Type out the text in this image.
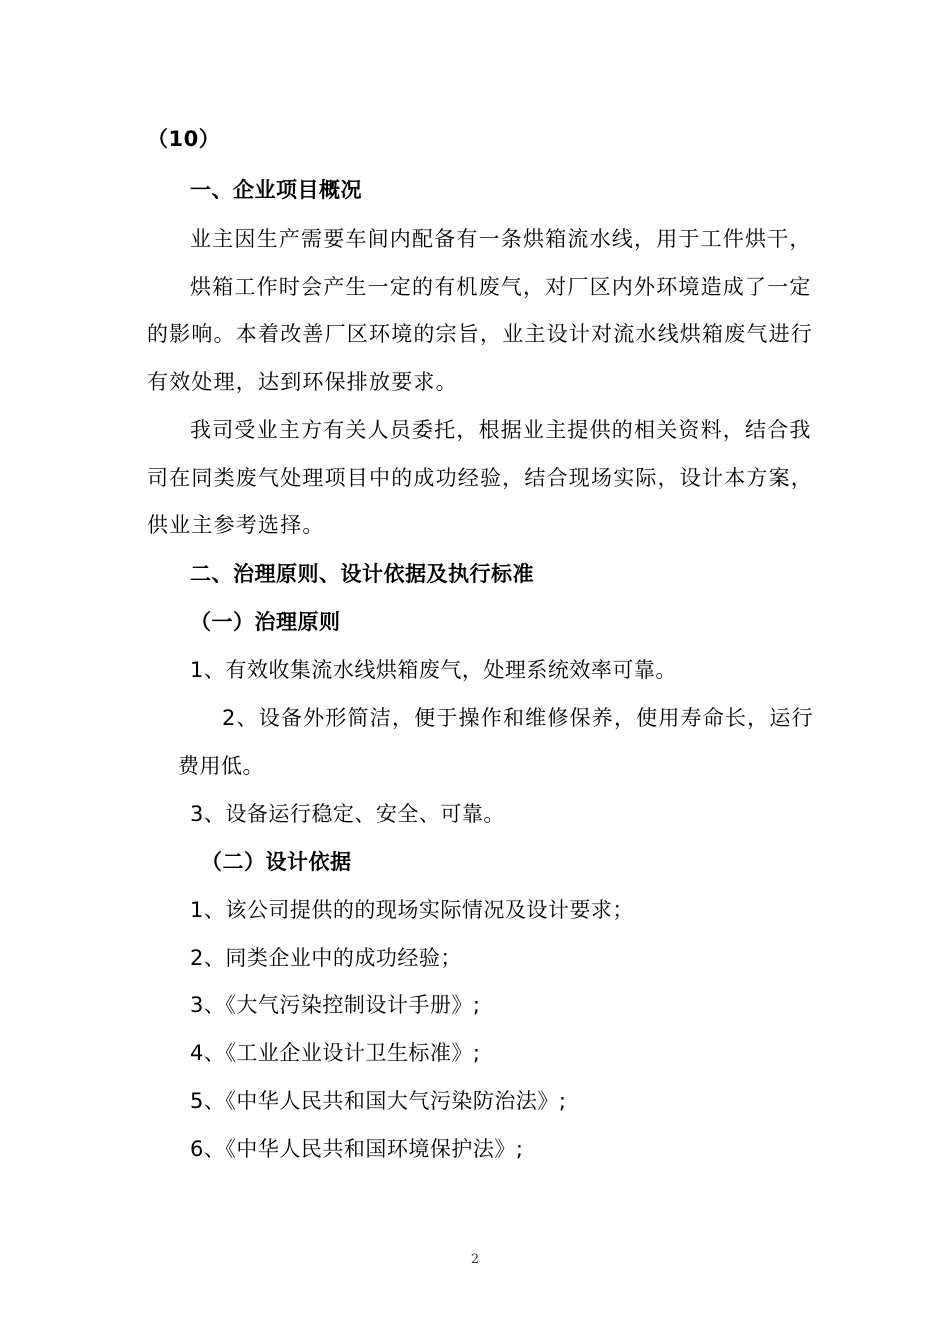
（10）
一、企业项目概况
业主因生产需要车间内配备有一条烘箱流水线，用于工件烘干，
烘箱工作时会产生一定的有机废气，对厂区内外环境造成了一定
的影响。本着改善厂区环境的宗旨，业主设计对流水线烘箱废气进行
有效处理，达到环保排放要求。
我司受业主方有关人员委托，根据业主提供的相关资料，结合我
司在同类废气处理项目中的成功经验，结合现场实际，设计本方案，
供业主参考选择。
二、治理原则、设计依据及执行标准
（一）治理原则
1、有效收集流水线烘箱废气，处理系统效率可靠。
2、设备外形简洁，便于操作和维修保养，使用寿命长，运行
费用低。
3、设备运行稳定、安全、可靠。
（二）设计依据
1、该公司提供的的现场实际情况及设计要求；
2、同类企业中的成功经验；
3、《大气污染控制设计手册》;
4、《工业企业设计卫生标准》;
5、《中华人民共和国大气污染防治法》;
6、《中华人民共和国环境保护法》;
2
